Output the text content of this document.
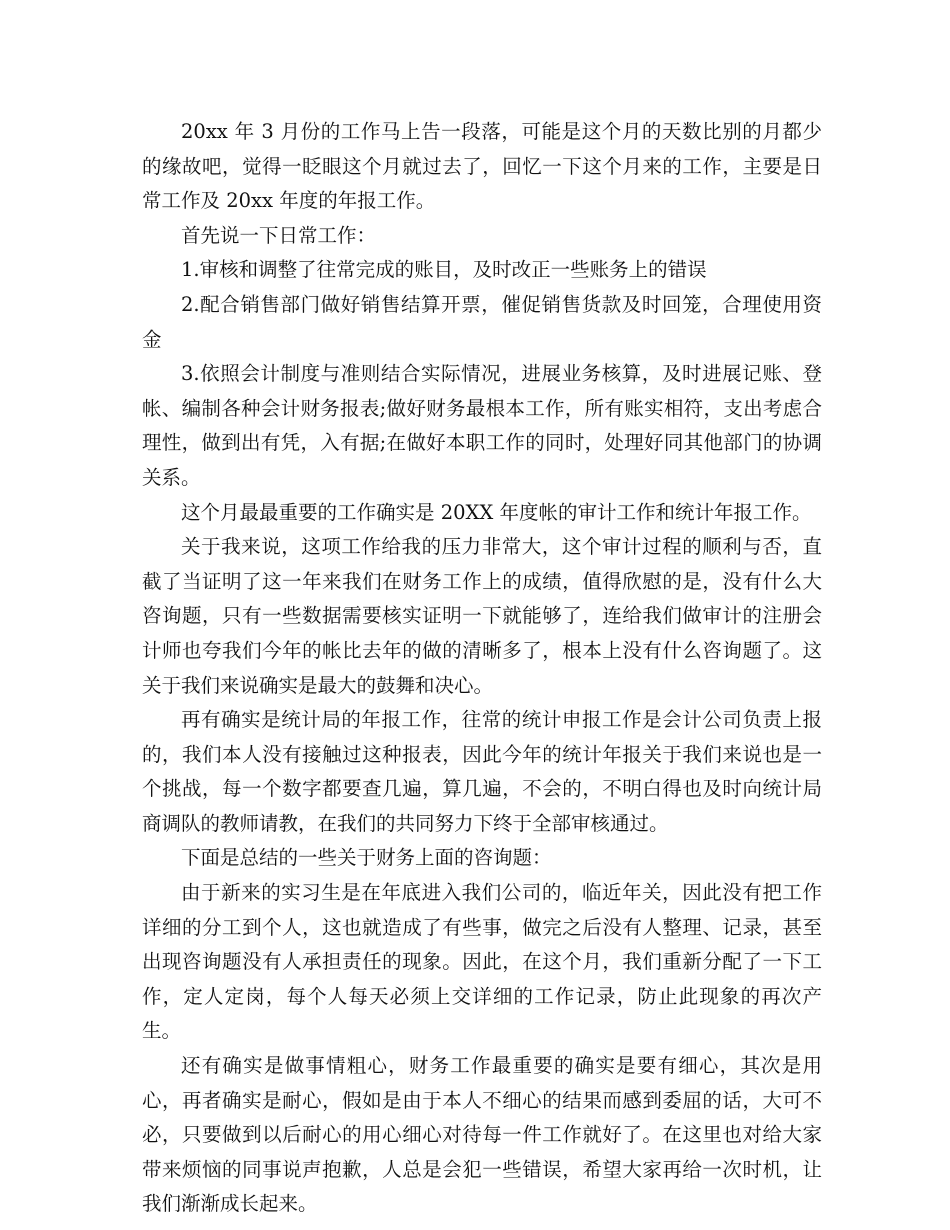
20xx 年 3 月份的工作马上告一段落，可能是这个月的天数比别的月都少的缘故吧，觉得一眨眼这个月就过去了，回忆一下这个月来的工作，主要是日常工作及 20xx 年度的年报工作。

首先说一下日常工作：

1.审核和调整了往常完成的账目，及时改正一些账务上的错误

2.配合销售部门做好销售结算开票，催促销售货款及时回笼，合理使用资金

3.依照会计制度与准则结合实际情况，进展业务核算，及时进展记账、登帐、编制各种会计财务报表;做好财务最根本工作，所有账实相符，支出考虑合理性，做到出有凭，入有据;在做好本职工作的同时，处理好同其他部门的协调关系。

这个月最最重要的工作确实是 20XX 年度帐的审计工作和统计年报工作。

关于我来说，这项工作给我的压力非常大，这个审计过程的顺利与否，直截了当证明了这一年来我们在财务工作上的成绩，值得欣慰的是，没有什么大咨询题，只有一些数据需要核实证明一下就能够了，连给我们做审计的注册会计师也夸我们今年的帐比去年的做的清晰多了，根本上没有什么咨询题了。这关于我们来说确实是最大的鼓舞和决心。

再有确实是统计局的年报工作，往常的统计申报工作是会计公司负责上报的，我们本人没有接触过这种报表，因此今年的统计年报关于我们来说也是一个挑战，每一个数字都要查几遍，算几遍，不会的，不明白得也及时向统计局商调队的教师请教，在我们的共同努力下终于全部审核通过。

下面是总结的一些关于财务上面的咨询题：

由于新来的实习生是在年底进入我们公司的，临近年关，因此没有把工作详细的分工到个人，这也就造成了有些事，做完之后没有人整理、记录，甚至出现咨询题没有人承担责任的现象。因此，在这个月，我们重新分配了一下工作，定人定岗，每个人每天必须上交详细的工作记录，防止此现象的再次产生。

还有确实是做事情粗心，财务工作最重要的确实是要有细心，其次是用心，再者确实是耐心，假如是由于本人不细心的结果而感到委屈的话，大可不必，只要做到以后耐心的用心细心对待每一件工作就好了。在这里也对给大家带来烦恼的同事说声抱歉，人总是会犯一些错误，希望大家再给一次时机，让我们渐渐成长起来。
